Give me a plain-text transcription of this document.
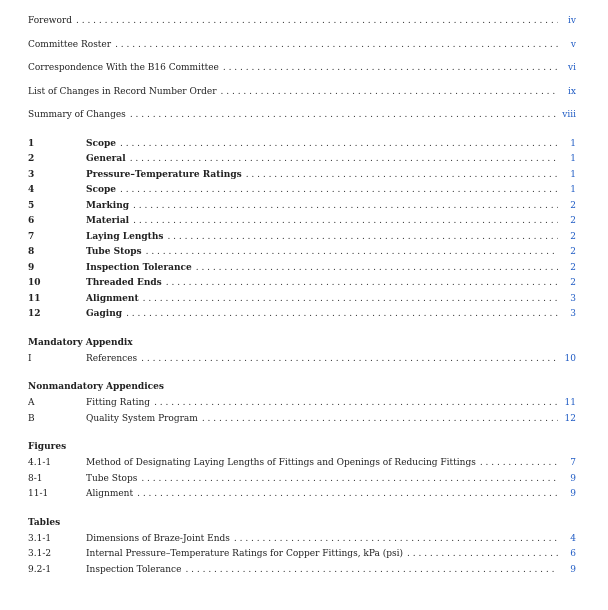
Foreword . . .	iv
Committee Roster . . .	v
Correspondence With the B16 Committee . . .	vi
List of Changes in Record Number Order . . .	ix
Summary of Changes . . .	viii
1	Scope . . .	1
2	General . . .	1
3	Pressure–Temperature Ratings . . .	1
4	Scope . . .	1
5	Marking . . .	2
6	Material . . .	2
7	Laying Lengths . . .	2
8	Tube Stops . . .	2
9	Inspection Tolerance . . .	2
10	Threaded Ends . . .	2
11	Alignment . . .	3
12	Gaging . . .	3
Mandatory Appendix
I	References . . .	10
Nonmandatory Appendices
A	Fitting Rating . . .	11
B	Quality System Program . . .	12
Figures
4.1-1	Method of Designating Laying Lengths of Fittings and Openings of Reducing Fittings . . .	7
8-1	Tube Stops . . .	9
11-1	Alignment . . .	9
Tables
3.1-1	Dimensions of Braze-Joint Ends . . .	4
3.1-2	Internal Pressure–Temperature Ratings for Copper Fittings, kPa (psi) . . .	6
9.2-1	Inspection Tolerance . . .	9
